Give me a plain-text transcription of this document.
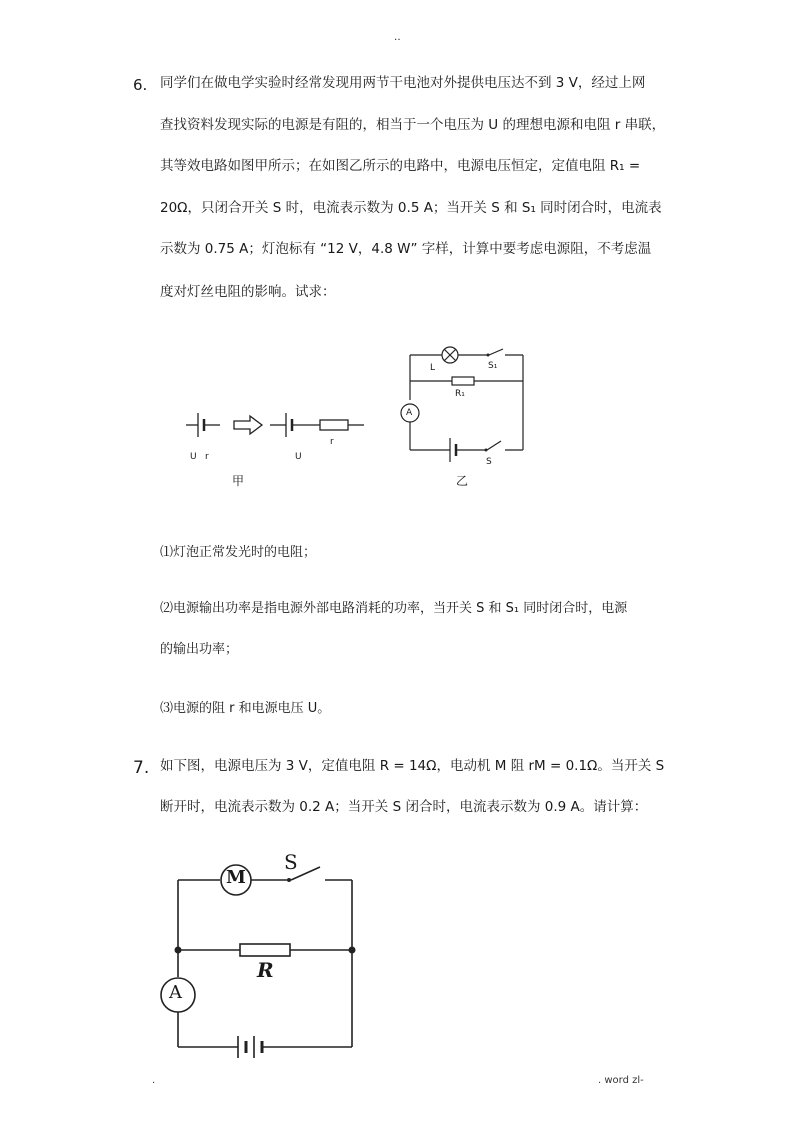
‥
6. 同学们在做电学实验时经常发现用两节干电池对外提供电压达不到 3 V，经过上网
查找资料发现实际的电源是有阻的，相当于一个电压为 U 的理想电源和电阻 r 串联，
其等效电路如图甲所示；在如图乙所示的电路中，电源电压恒定，定值电阻 R₁ =
20Ω，只闭合开关 S 时，电流表示数为 0.5 A；当开关 S 和 S₁ 同时闭合时，电流表
示数为 0.75 A；灯泡标有 “12 V，4.8 W” 字样，计算中要考虑电源阻，不考虑温
度对灯丝电阻的影响。试求：
U r	U
r
甲
L	S₁
R₁
A
S
乙
⑴灯泡正常发光时的电阻；
⑵电源输出功率是指电源外部电路消耗的功率，当开关 S 和 S₁ 同时闭合时，电源
的输出功率；
⑶电源的阻 r 和电源电压 U。
7. 如下图，电源电压为 3 V，定值电阻 R = 14Ω，电动机 M 阻 rM = 0.1Ω。当开关 S
断开时，电流表示数为 0.2 A；当开关 S 闭合时，电流表示数为 0.9 A。请计算：
M
S
R
A
.	. word zl-
